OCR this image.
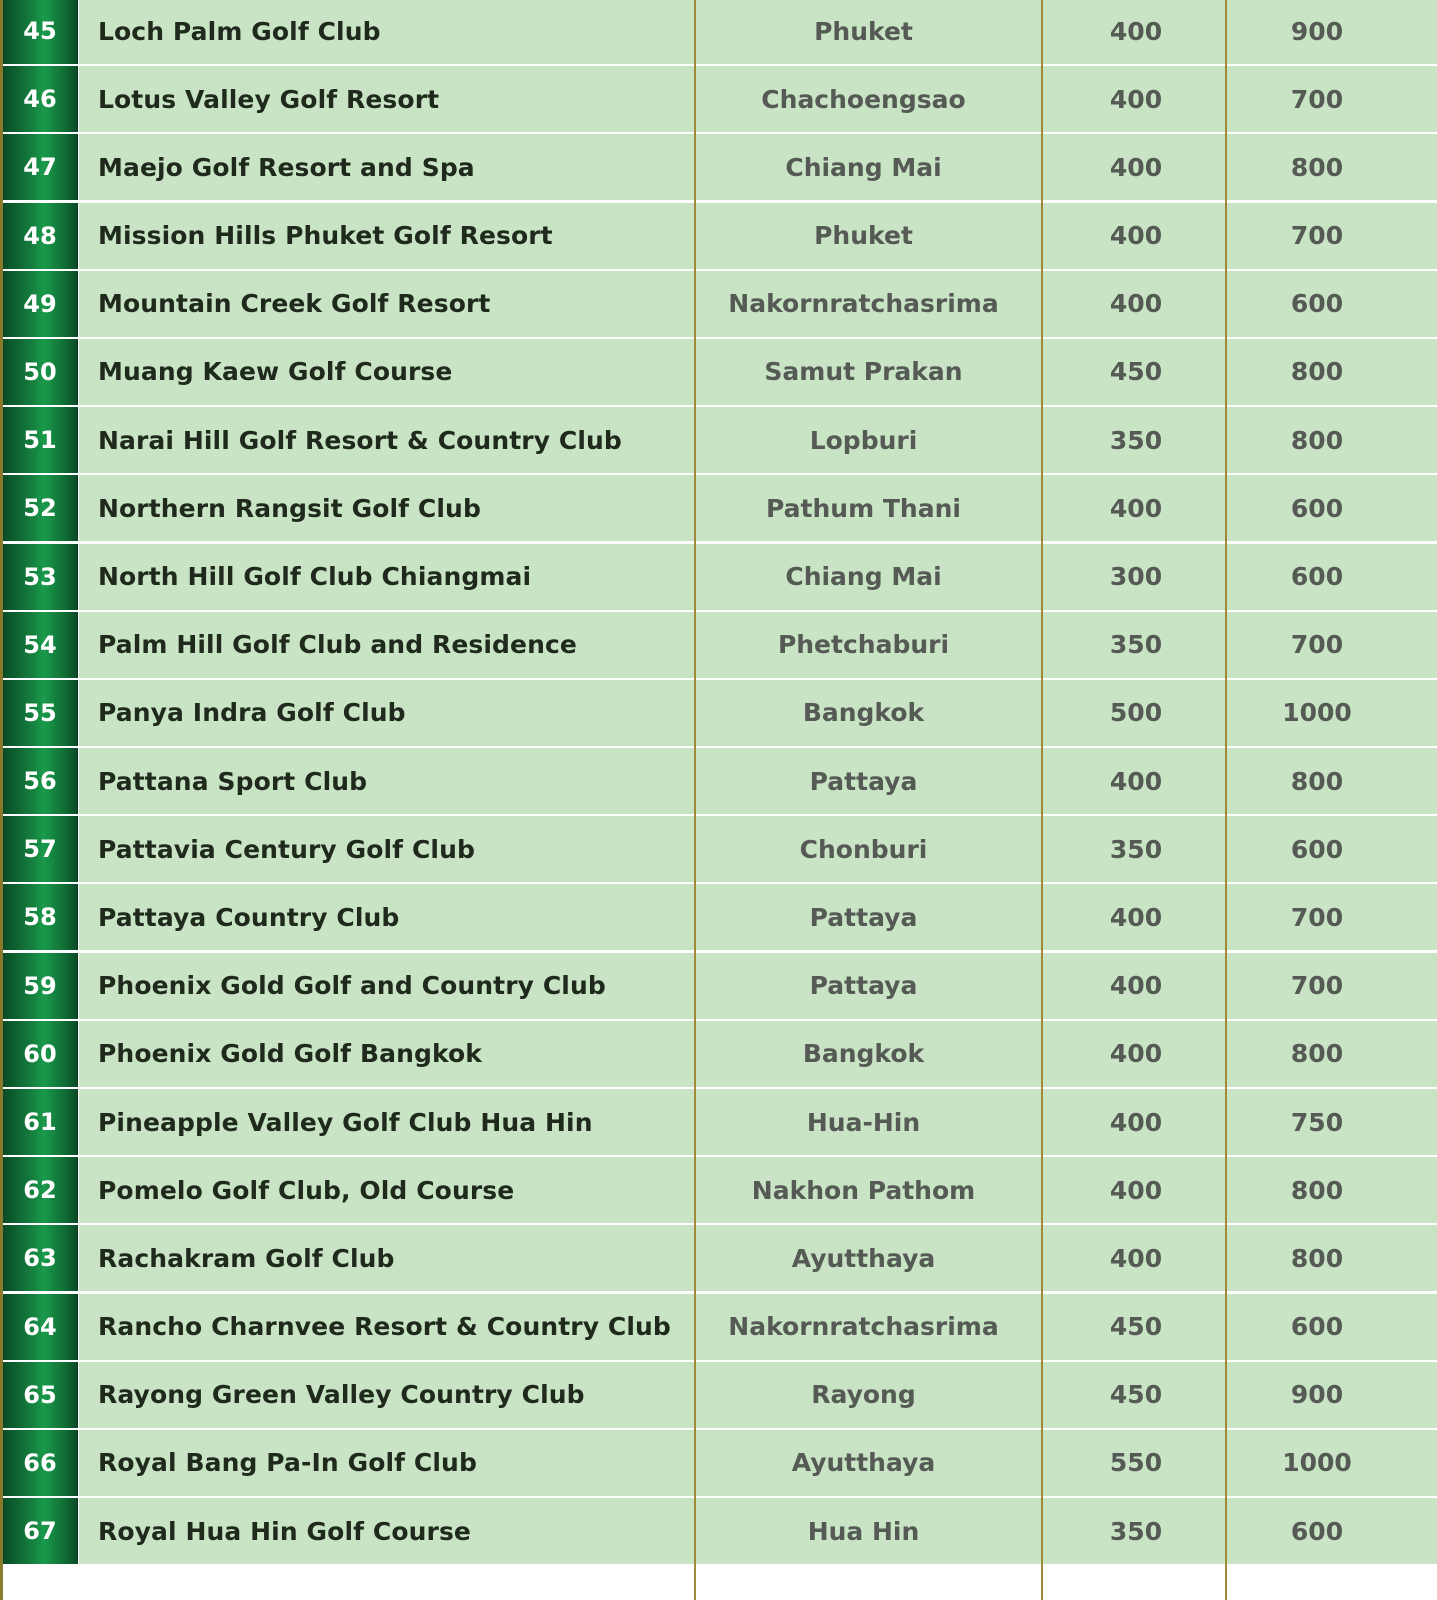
45	Loch Palm Golf Club	Phuket	400	900
46	Lotus Valley Golf Resort	Chachoengsao	400	700
47	Maejo Golf Resort and Spa	Chiang Mai	400	800
48	Mission Hills Phuket Golf Resort	Phuket	400	700
49	Mountain Creek Golf Resort	Nakornratchasrima	400	600
50	Muang Kaew Golf Course	Samut Prakan	450	800
51	Narai Hill Golf Resort & Country Club	Lopburi	350	800
52	Northern Rangsit Golf Club	Pathum Thani	400	600
53	North Hill Golf Club Chiangmai	Chiang Mai	300	600
54	Palm Hill Golf Club and Residence	Phetchaburi	350	700
55	Panya Indra Golf Club	Bangkok	500	1000
56	Pattana Sport Club	Pattaya	400	800
57	Pattavia Century Golf Club	Chonburi	350	600
58	Pattaya Country Club	Pattaya	400	700
59	Phoenix Gold Golf and Country Club	Pattaya	400	700
60	Phoenix Gold Golf Bangkok	Bangkok	400	800
61	Pineapple Valley Golf Club Hua Hin	Hua-Hin	400	750
62	Pomelo Golf Club, Old Course	Nakhon Pathom	400	800
63	Rachakram Golf Club	Ayutthaya	400	800
64	Rancho Charnvee Resort & Country Club	Nakornratchasrima	450	600
65	Rayong Green Valley Country Club	Rayong	450	900
66	Royal Bang Pa-In Golf Club	Ayutthaya	550	1000
67	Royal Hua Hin Golf Course	Hua Hin	350	600
